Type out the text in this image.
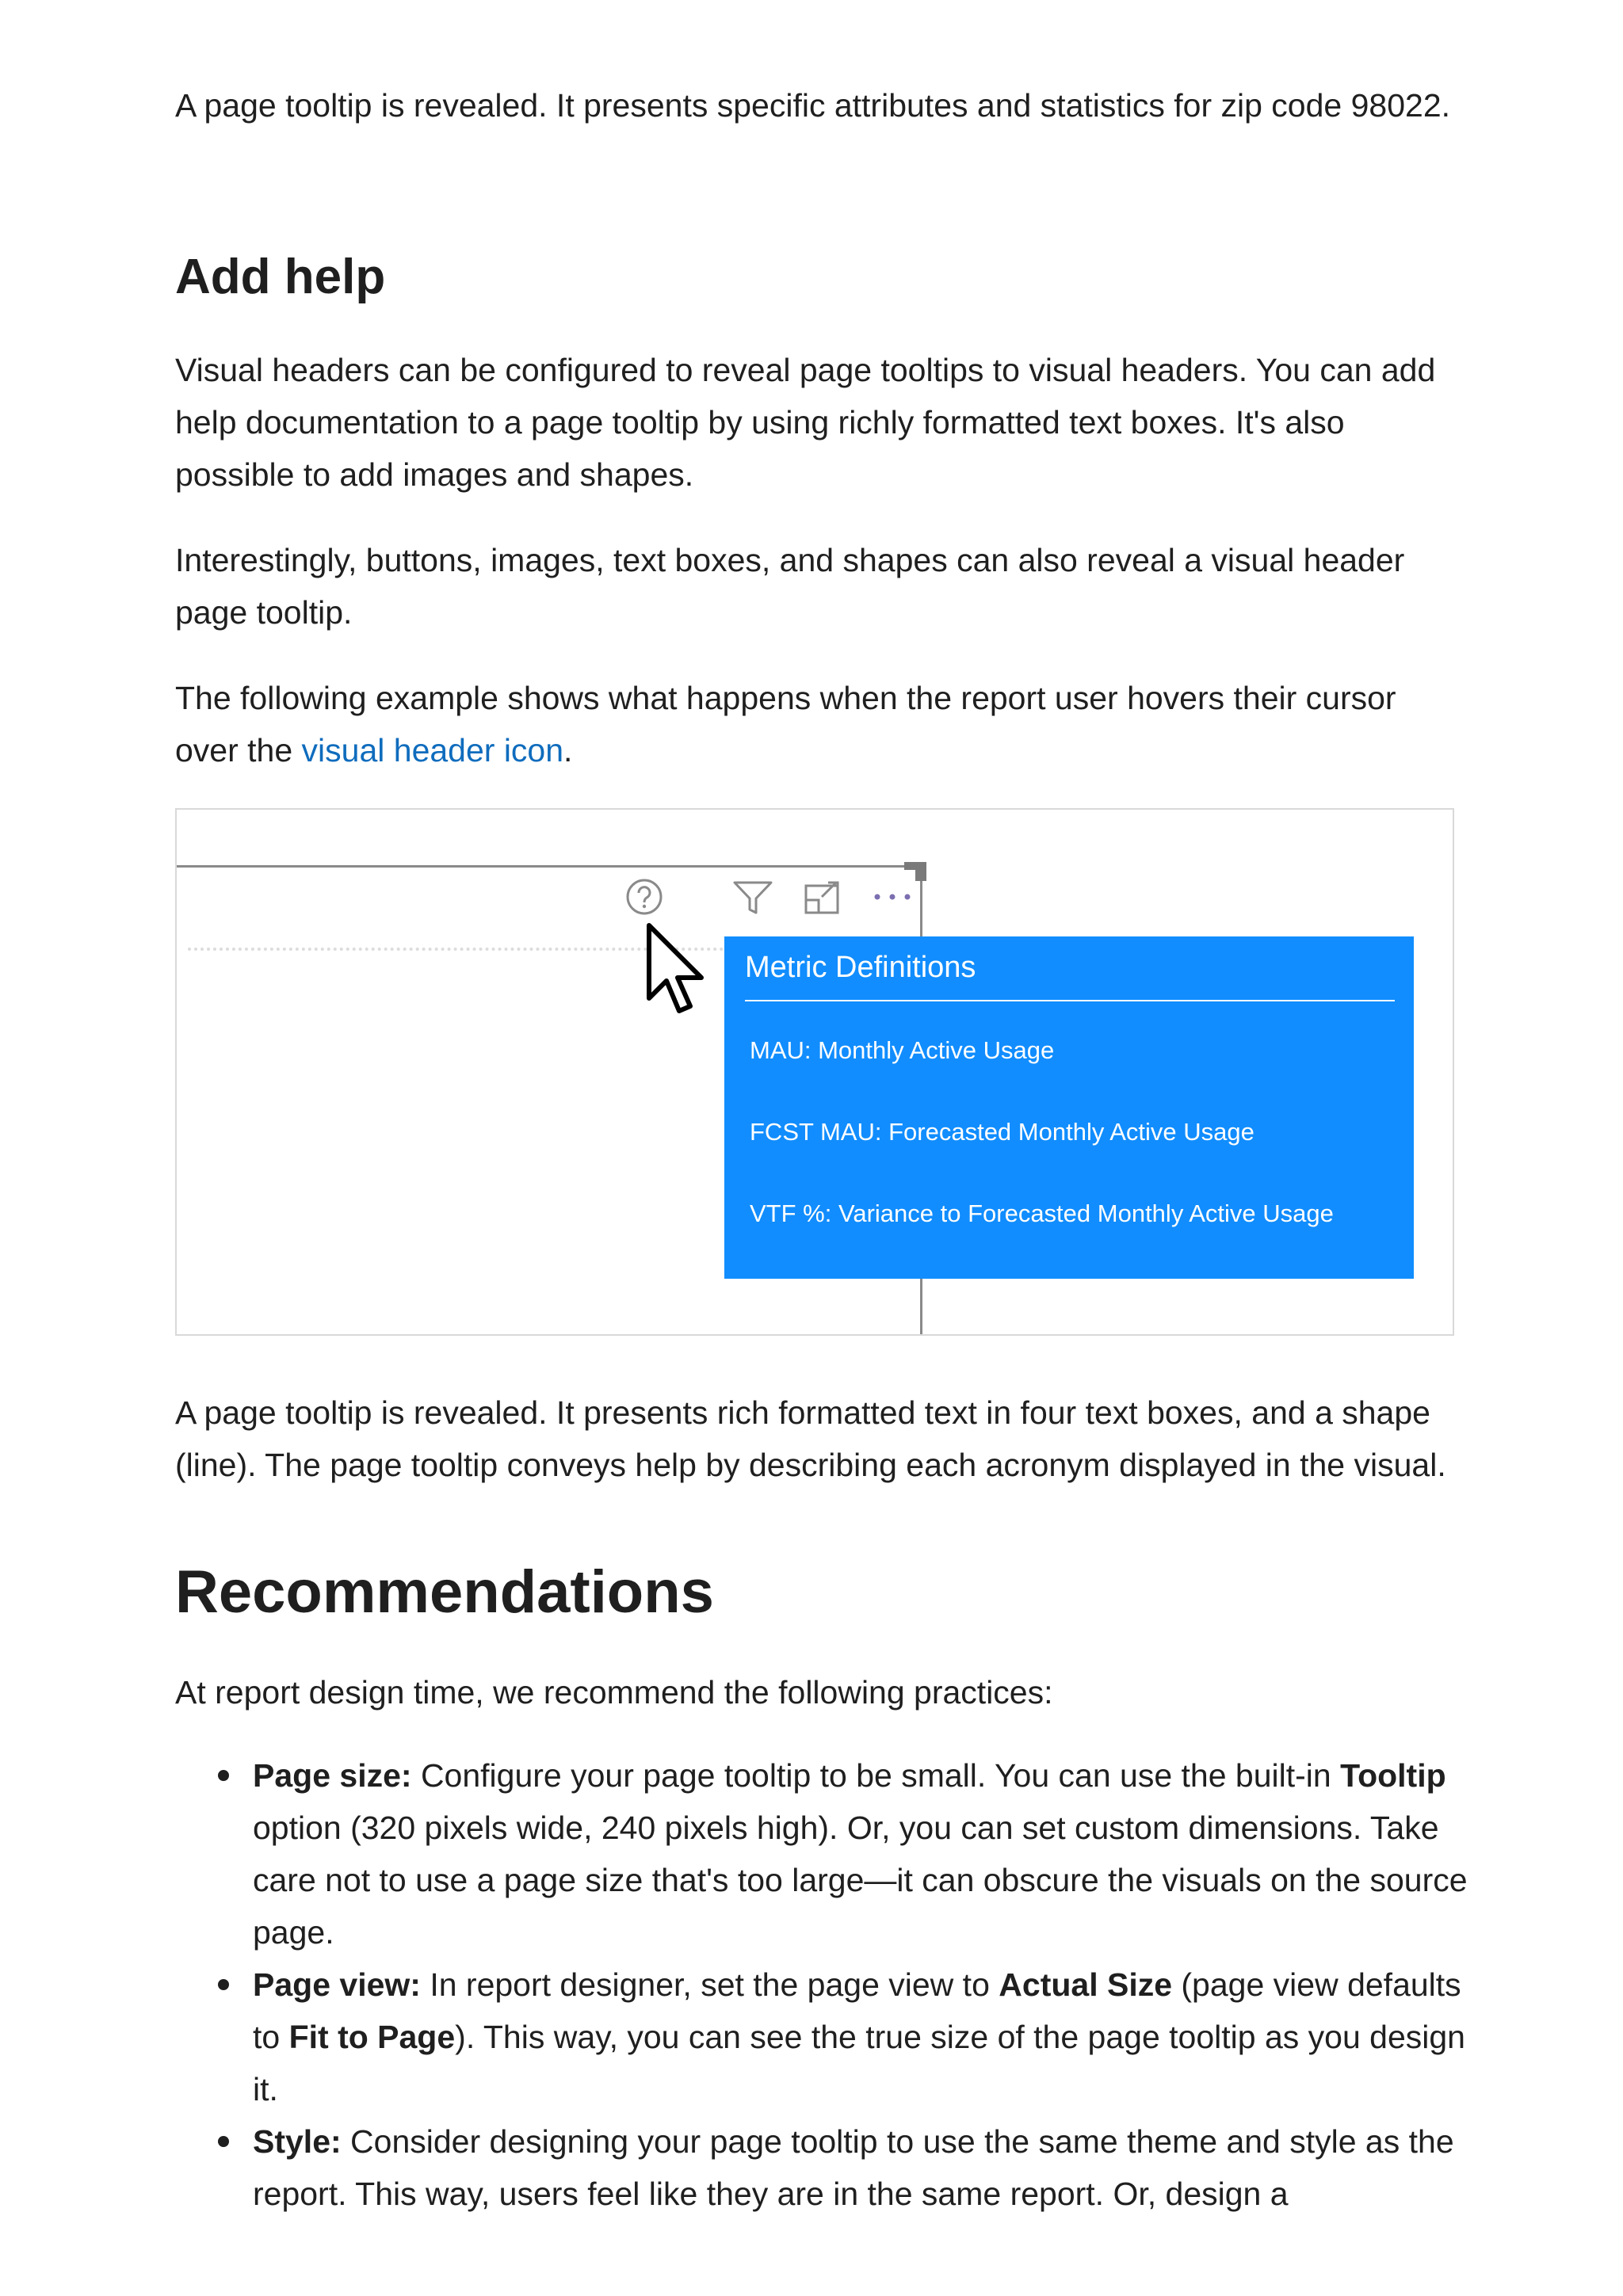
A page tooltip is revealed. It presents specific attributes and statistics for zip code 98022.

Add help

Visual headers can be configured to reveal page tooltips to visual headers. You can add help documentation to a page tooltip by using richly formatted text boxes. It's also possible to add images and shapes.

Interestingly, buttons, images, text boxes, and shapes can also reveal a visual header page tooltip.

The following example shows what happens when the report user hovers their cursor over the visual header icon.

Metric Definitions
MAU: Monthly Active Usage
FCST MAU: Forecasted Monthly Active Usage
VTF %: Variance to Forecasted Monthly Active Usage

A page tooltip is revealed. It presents rich formatted text in four text boxes, and a shape (line). The page tooltip conveys help by describing each acronym displayed in the visual.

Recommendations

At report design time, we recommend the following practices:

Page size: Configure your page tooltip to be small. You can use the built-in Tooltip option (320 pixels wide, 240 pixels high). Or, you can set custom dimensions. Take care not to use a page size that's too large—it can obscure the visuals on the source page.
Page view: In report designer, set the page view to Actual Size (page view defaults to Fit to Page). This way, you can see the true size of the page tooltip as you design it.
Style: Consider designing your page tooltip to use the same theme and style as the report. This way, users feel like they are in the same report. Or, design a
